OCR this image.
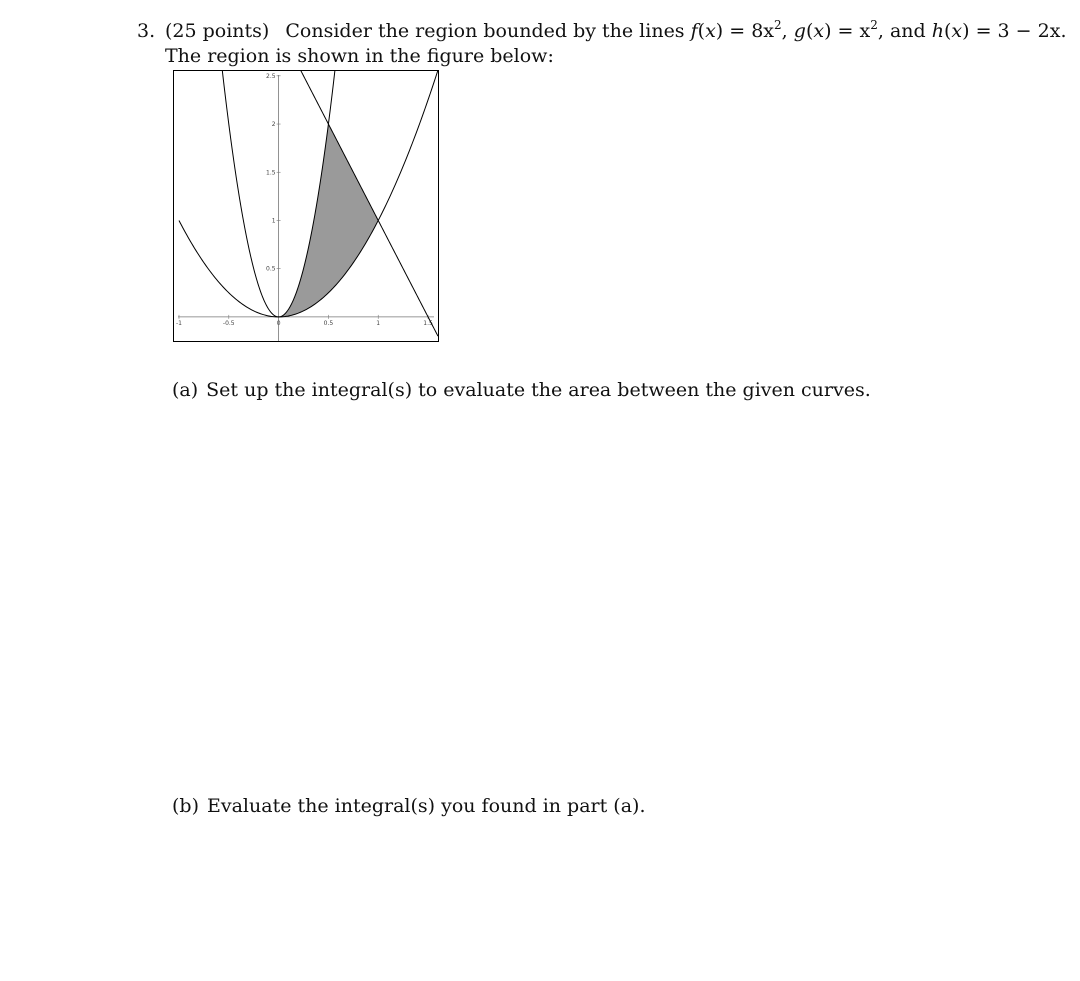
3. (25 points) Consider the region bounded by the lines $f(x) = 8x^2$, $g(x) = x^2$, and h(x) = 3 − 2x.
The region is shown in the figure below:
-1	-0.5	0	0.5	1	1.5
0.5
1
1.5
2
2.5
(a) Set up the integral(s) to evaluate the area between the given curves.
(b) Evaluate the integral(s) you found in part (a).
